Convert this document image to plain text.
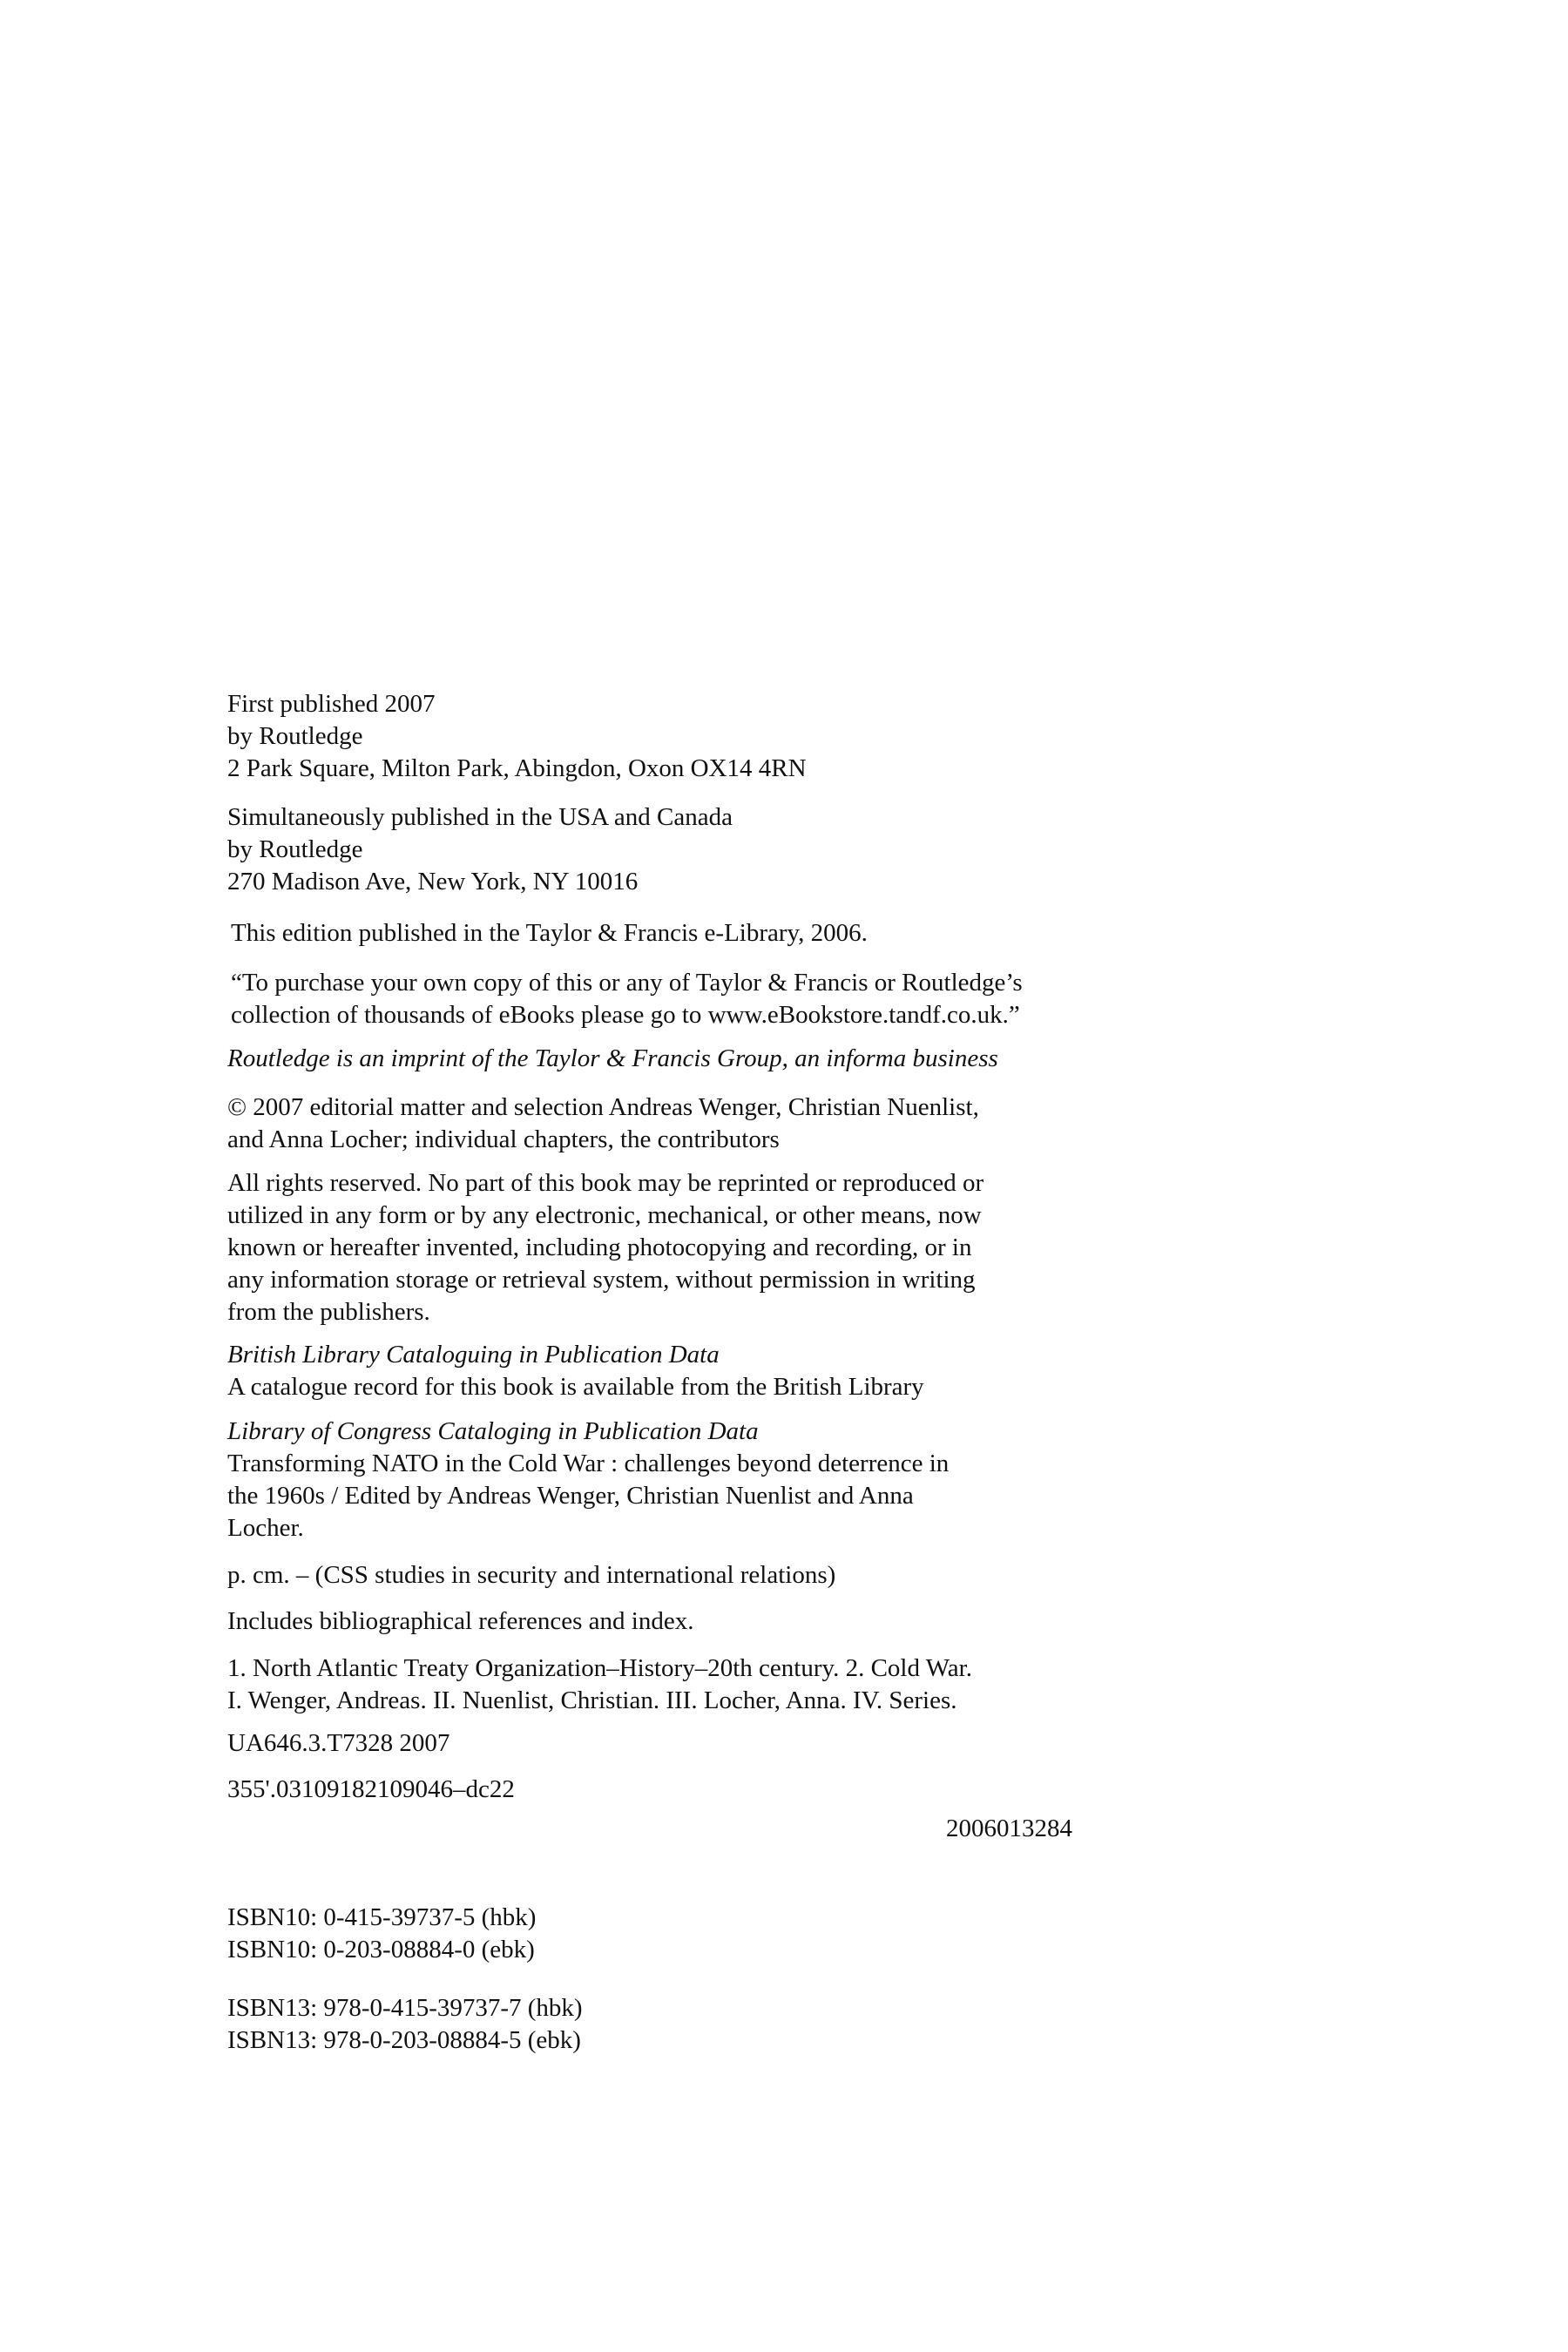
First published 2007
by Routledge
2 Park Square, Milton Park, Abingdon, Oxon OX14 4RN
Simultaneously published in the USA and Canada
by Routledge
270 Madison Ave, New York, NY 10016
This edition published in the Taylor & Francis e-Library, 2006.
“To purchase your own copy of this or any of Taylor & Francis or Routledge’s
collection of thousands of eBooks please go to www.eBookstore.tandf.co.uk.”
Routledge is an imprint of the Taylor & Francis Group, an informa business
© 2007 editorial matter and selection Andreas Wenger, Christian Nuenlist,
and Anna Locher; individual chapters, the contributors
All rights reserved. No part of this book may be reprinted or reproduced or
utilized in any form or by any electronic, mechanical, or other means, now
known or hereafter invented, including photocopying and recording, or in
any information storage or retrieval system, without permission in writing
from the publishers.
British Library Cataloguing in Publication Data
A catalogue record for this book is available from the British Library
Library of Congress Cataloging in Publication Data
Transforming NATO in the Cold War : challenges beyond deterrence in
the 1960s / Edited by Andreas Wenger, Christian Nuenlist and Anna
Locher.
p. cm. – (CSS studies in security and international relations)
Includes bibliographical references and index.
1. North Atlantic Treaty Organization–History–20th century. 2. Cold War.
I. Wenger, Andreas. II. Nuenlist, Christian. III. Locher, Anna. IV. Series.
UA646.3.T7328 2007
355'.03109182109046–dc22
2006013284
ISBN10: 0-415-39737-5 (hbk)
ISBN10: 0-203-08884-0 (ebk)
ISBN13: 978-0-415-39737-7 (hbk)
ISBN13: 978-0-203-08884-5 (ebk)
